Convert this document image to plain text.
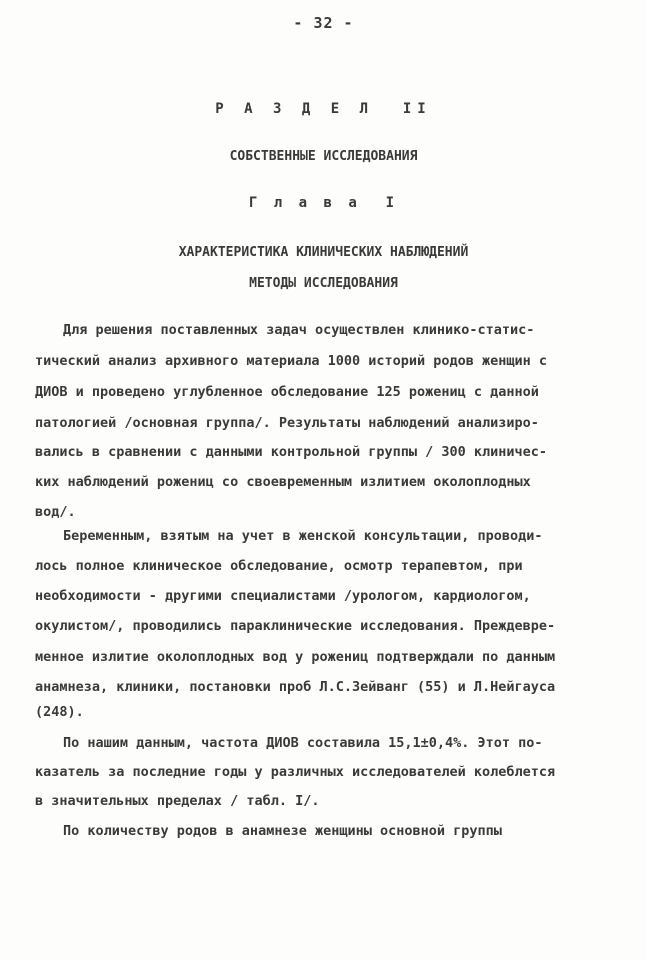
- 32 -
Р А З Д Е Л  II
СОБСТВЕННЫЕ ИССЛЕДОВАНИЯ
Г л а в а  I
ХАРАКТЕРИСТИКА КЛИНИЧЕСКИХ НАБЛЮДЕНИЙ
МЕТОДЫ ИССЛЕДОВАНИЯ
Для решения поставленных задач осуществлен клинико-статис-
тический анализ архивного материала 1000 историй родов женщин с
ДИОВ и проведено углубленное обследование 125 рожениц с данной
патологией /основная группа/. Результаты наблюдений анализиро-
вались в сравнении с данными контрольной группы / 300 клиничес-
ких наблюдений рожениц со своевременным излитием околоплодных
вод/.
Беременным, взятым на учет в женской консультации, проводи-
лось полное клиническое обследование, осмотр терапевтом, при
необходимости - другими специалистами /урологом, кардиологом,
окулистом/, проводились параклинические исследования. Преждевре-
менное излитие околоплодных вод у рожениц подтверждали по данным
анамнеза, клиники, постановки проб Л.С.Зейванг (55) и Л.Нейгауса
(248).
По нашим данным, частота ДИОВ составила 15,1±0,4%. Этот по-
казатель за последние годы у различных исследователей колеблется
в значительных пределах / табл. I/.
По количеству родов в анамнезе женщины основной группы
